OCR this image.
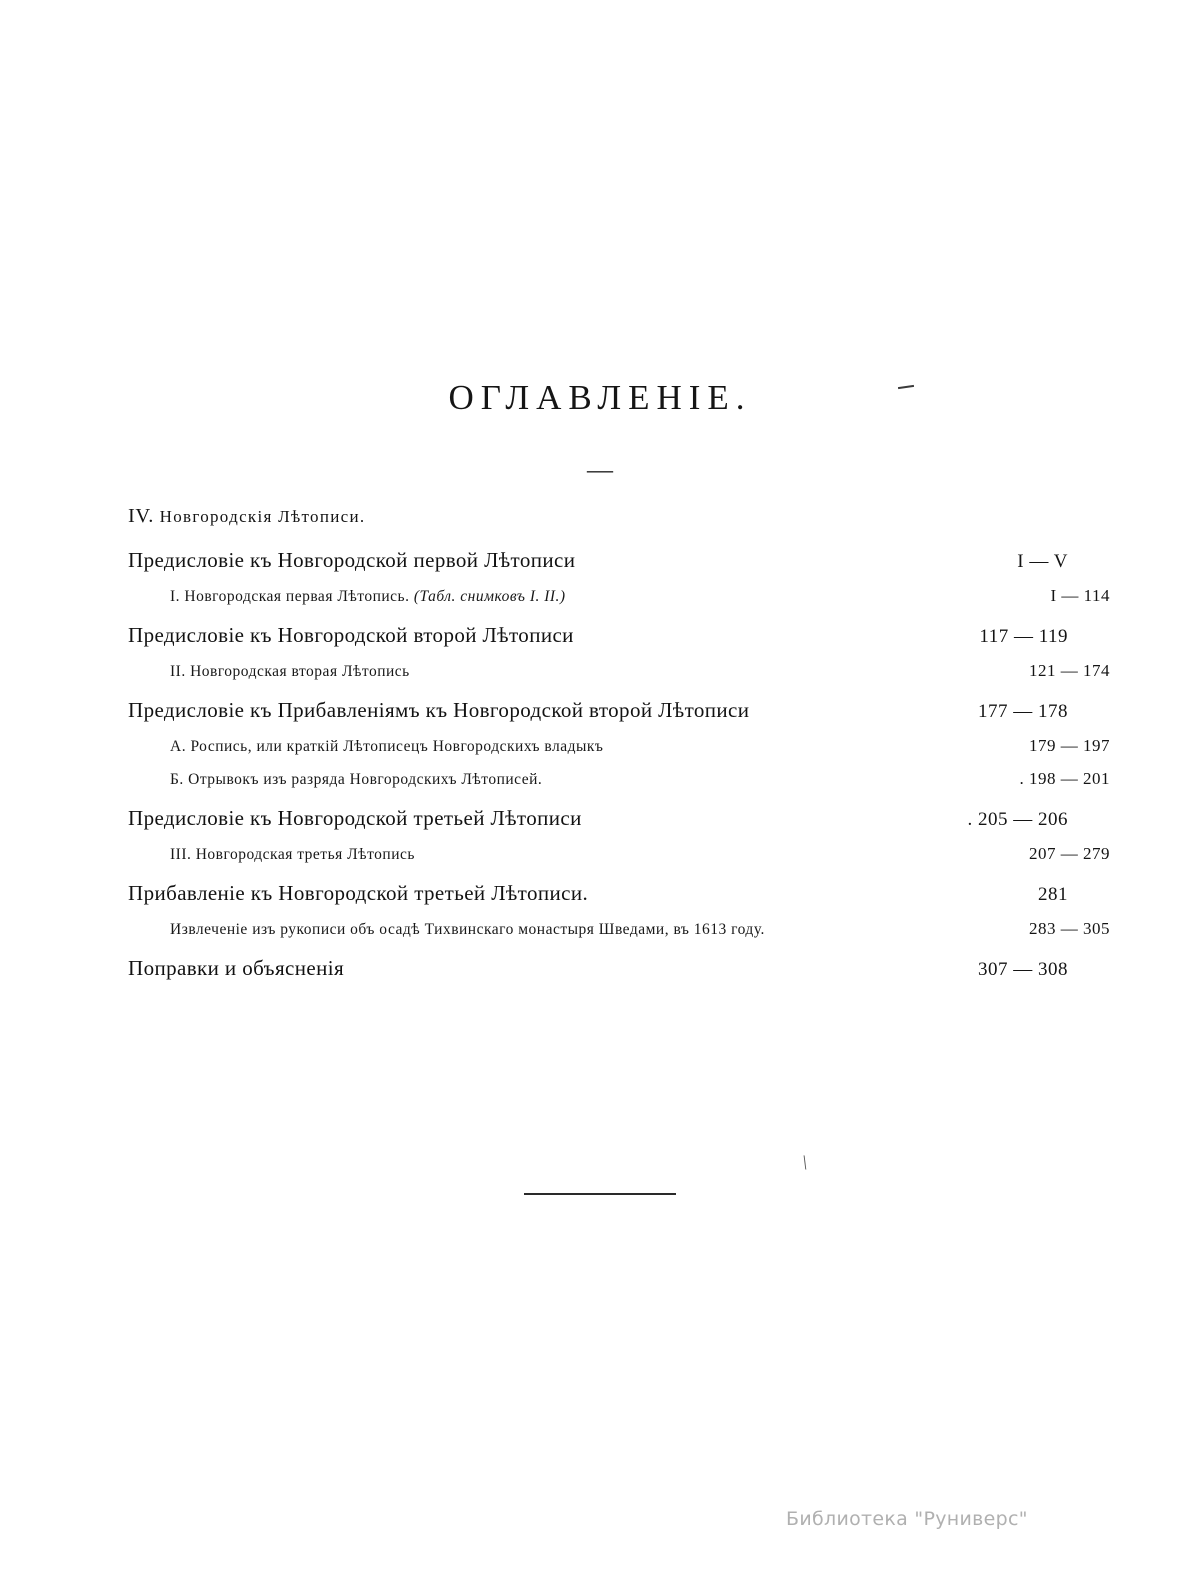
ОГЛАВЛЕНІЕ.
—
IV. Новгородскія Лѣтописи.
Предисловіе къ Новгородской первой Лѣтописи	I — V
I. Новгородская первая Лѣтопись. (Табл. снимковъ I. II.)	I — 114
Предисловіе къ Новгородской второй Лѣтописи	117 — 119
II. Новгородская вторая Лѣтопись	121 — 174
Предисловіе къ Прибавленіямъ къ Новгородской второй Лѣтописи	177 — 178
А. Роспись, или краткій Лѣтописецъ Новгородскихъ владыкъ	179 — 197
Б. Отрывокъ изъ разряда Новгородскихъ Лѣтописей.	. 198 — 201
Предисловіе къ Новгородской третьей Лѣтописи	. 205 — 206
III. Новгородская третья Лѣтопись	207 — 279
Прибавленіе къ Новгородской третьей Лѣтописи.	281
Извлеченіе изъ рукописи объ осадѣ Тихвинскаго монастыря Шведами, въ 1613 году.	283 — 305
Поправки и объясненія	307 — 308
\
Библиотека "Руниверс"
